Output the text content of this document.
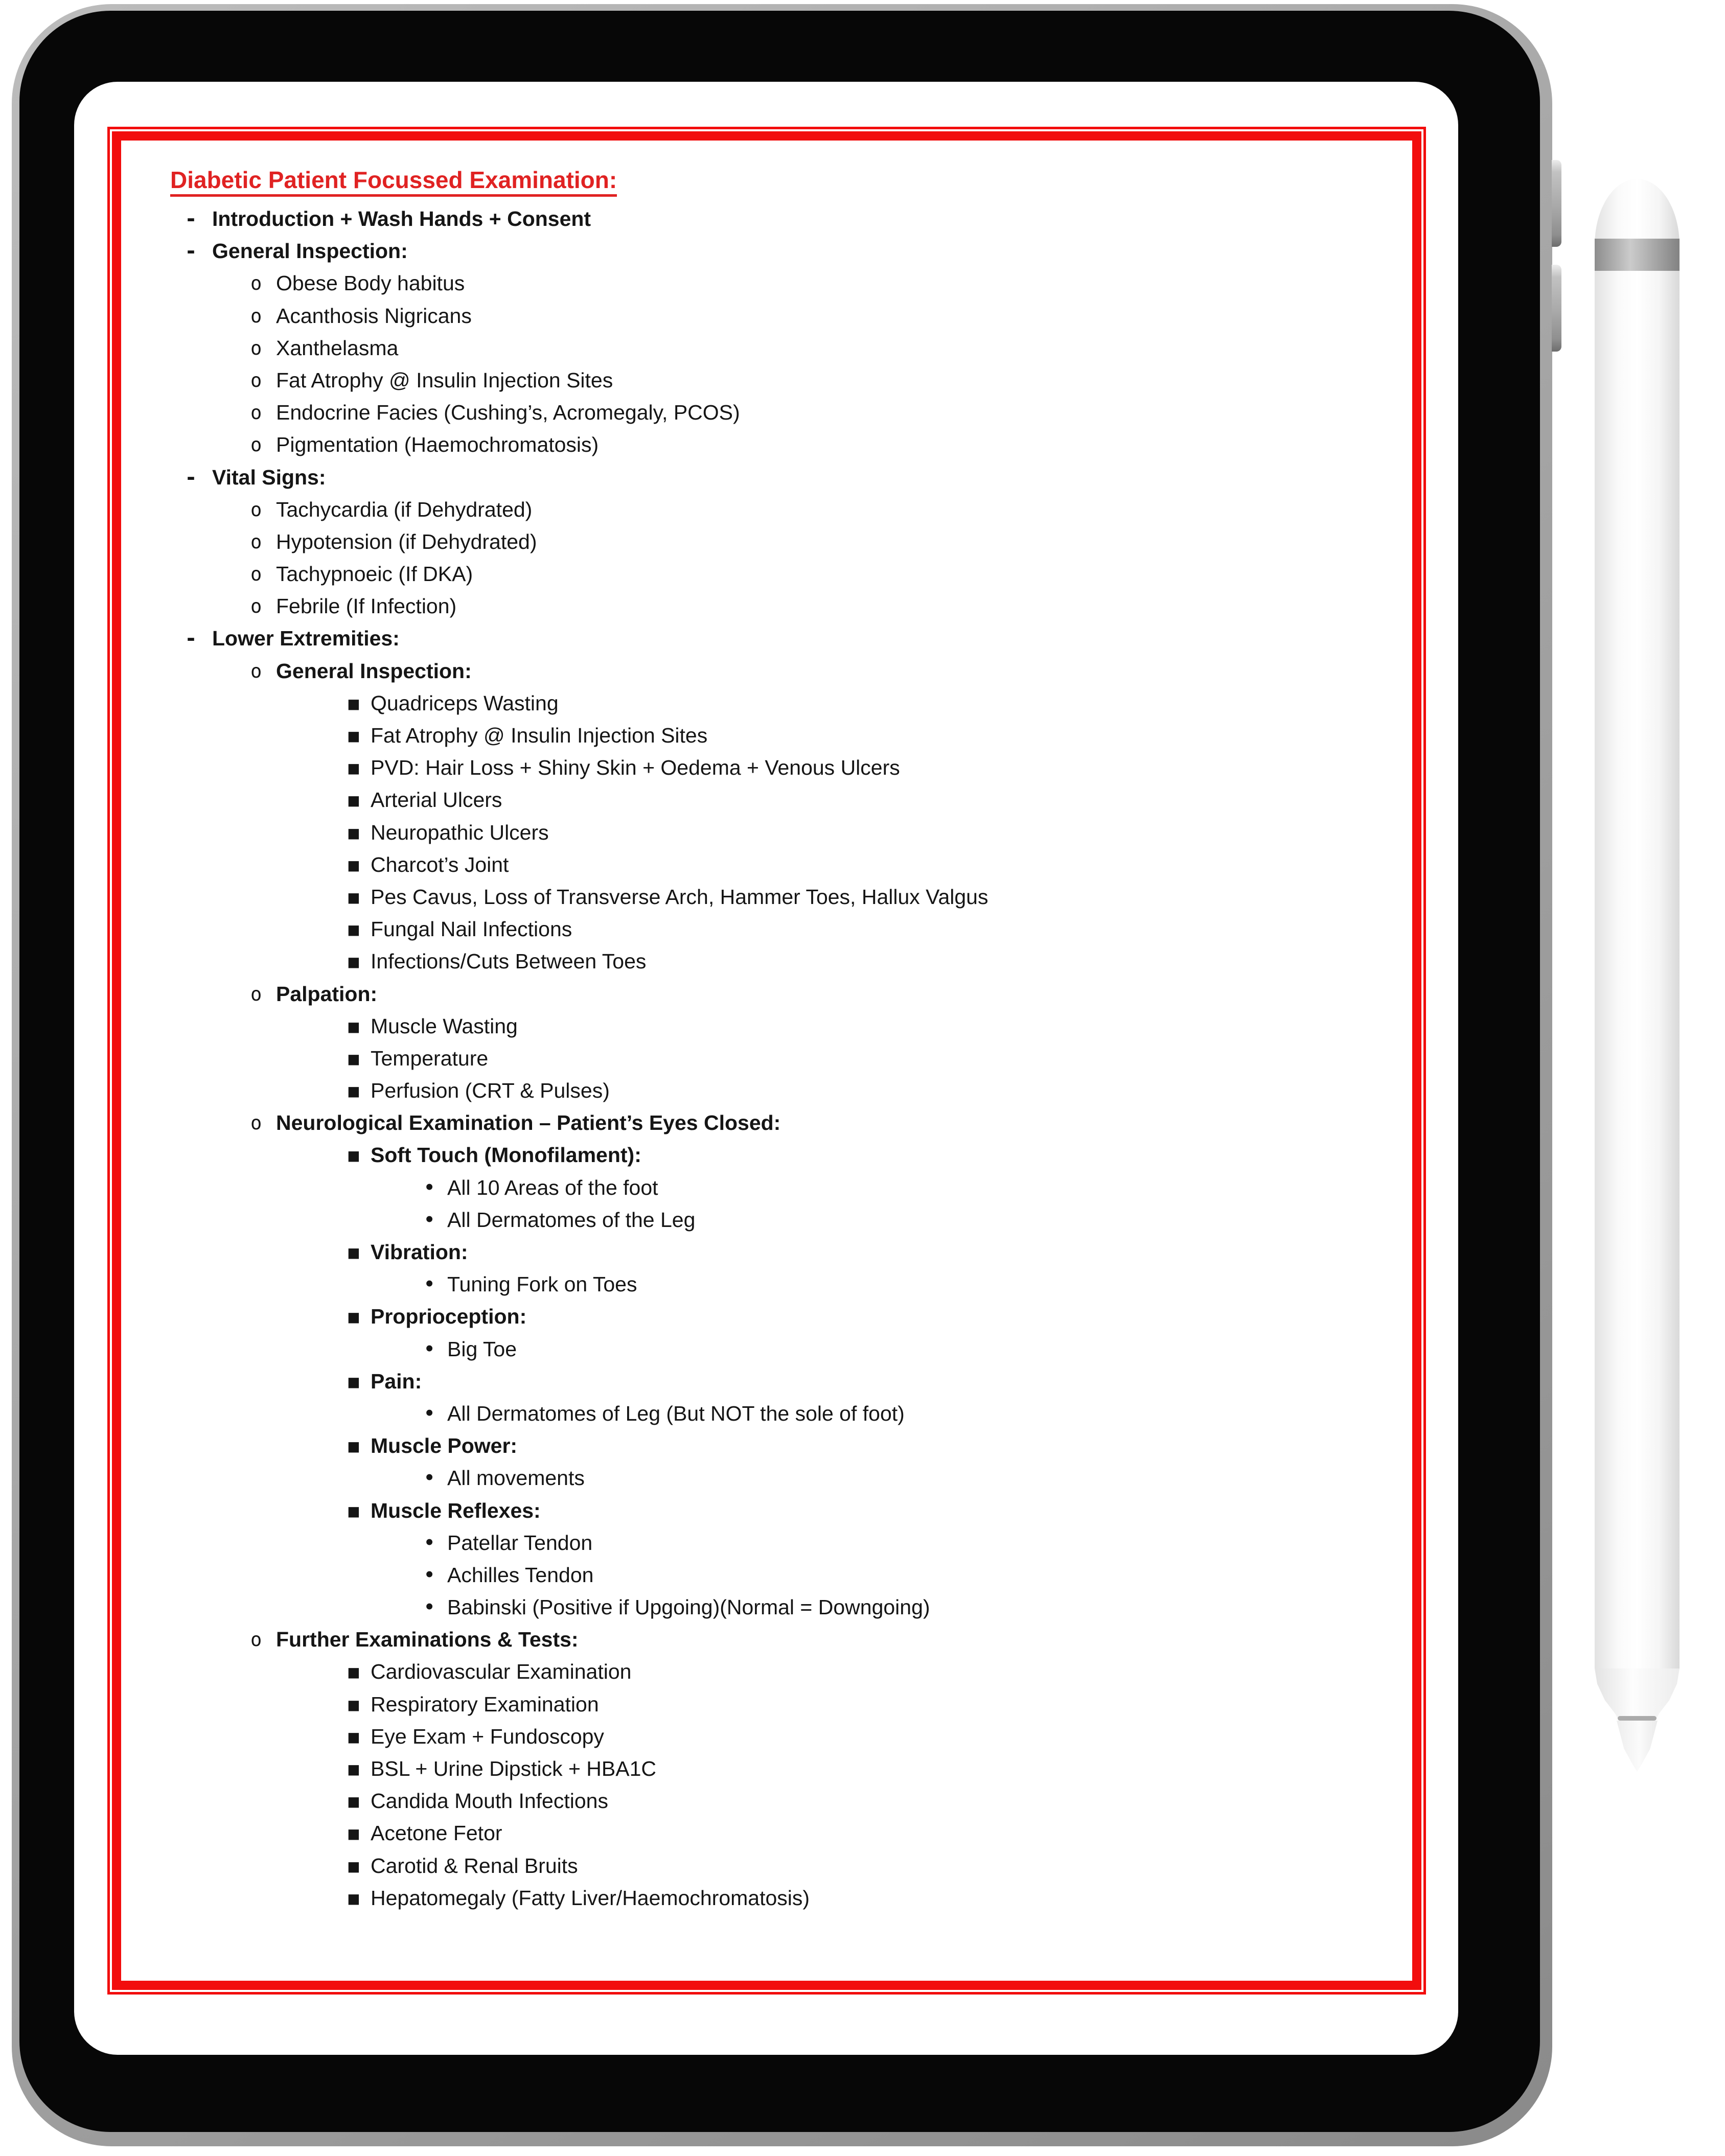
Diabetic Patient Focussed Examination:
- Introduction + Wash Hands + Consent
- General Inspection:
o Obese Body habitus
o Acanthosis Nigricans
o Xanthelasma
o Fat Atrophy @ Insulin Injection Sites
o Endocrine Facies (Cushing’s, Acromegaly, PCOS)
o Pigmentation (Haemochromatosis)
- Vital Signs:
o Tachycardia (if Dehydrated)
o Hypotension (if Dehydrated)
o Tachypnoeic (If DKA)
o Febrile (If Infection)
- Lower Extremities:
o General Inspection:
▪ Quadriceps Wasting
▪ Fat Atrophy @ Insulin Injection Sites
▪ PVD: Hair Loss + Shiny Skin + Oedema + Venous Ulcers
▪ Arterial Ulcers
▪ Neuropathic Ulcers
▪ Charcot’s Joint
▪ Pes Cavus, Loss of Transverse Arch, Hammer Toes, Hallux Valgus
▪ Fungal Nail Infections
▪ Infections/Cuts Between Toes
o Palpation:
▪ Muscle Wasting
▪ Temperature
▪ Perfusion (CRT & Pulses)
o Neurological Examination – Patient’s Eyes Closed:
▪ Soft Touch (Monofilament):
• All 10 Areas of the foot
• All Dermatomes of the Leg
▪ Vibration:
• Tuning Fork on Toes
▪ Proprioception:
• Big Toe
▪ Pain:
• All Dermatomes of Leg (But NOT the sole of foot)
▪ Muscle Power:
• All movements
▪ Muscle Reflexes:
• Patellar Tendon
• Achilles Tendon
• Babinski (Positive if Upgoing)(Normal = Downgoing)
o Further Examinations & Tests:
▪ Cardiovascular Examination
▪ Respiratory Examination
▪ Eye Exam + Fundoscopy
▪ BSL + Urine Dipstick + HBA1C
▪ Candida Mouth Infections
▪ Acetone Fetor
▪ Carotid & Renal Bruits
▪ Hepatomegaly (Fatty Liver/Haemochromatosis)
